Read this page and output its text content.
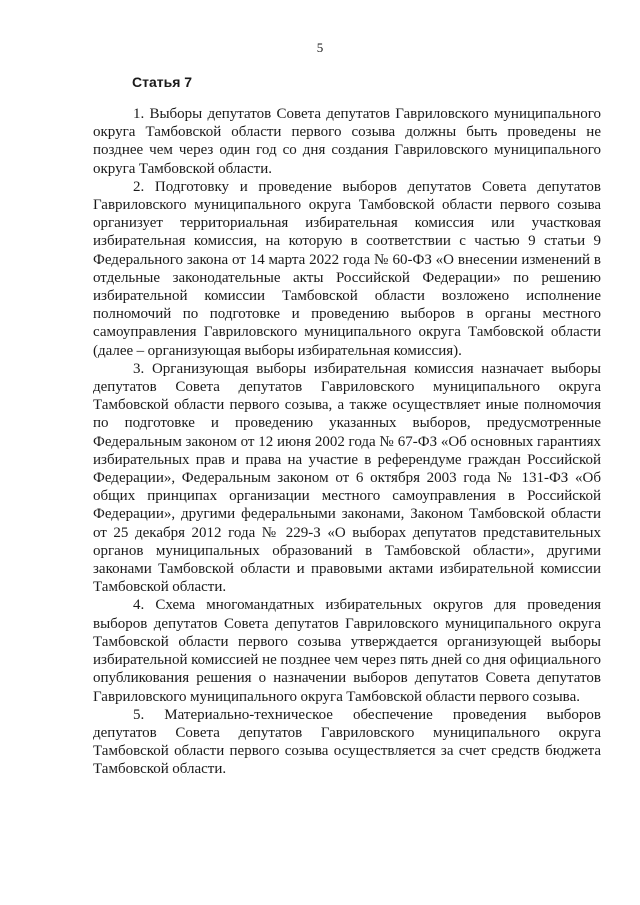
5
Статья 7

1. Выборы депутатов Совета депутатов Гавриловского муниципального округа Тамбовской области первого созыва должны быть проведены не позднее чем через один год со дня создания Гавриловского муниципального округа Тамбовской области.

2. Подготовку и проведение выборов депутатов Совета депутатов Гавриловского муниципального округа Тамбовской области первого созыва организует территориальная избирательная комиссия или участковая избирательная комиссия, на которую в соответствии с частью 9 статьи 9 Федерального закона от 14 марта 2022 года № 60-ФЗ «О внесении изменений в отдельные законодательные акты Российской Федерации» по решению избирательной комиссии Тамбовской области возложено исполнение полномочий по подготовке и проведению выборов в органы местного самоуправления Гавриловского муниципального округа Тамбовской области (далее – организующая выборы избирательная комиссия).

3. Организующая выборы избирательная комиссия назначает выборы депутатов Совета депутатов Гавриловского муниципального округа Тамбовской области первого созыва, а также осуществляет иные полномочия по подготовке и проведению указанных выборов, предусмотренные Федеральным законом от 12 июня 2002 года № 67-ФЗ «Об основных гарантиях избирательных прав и права на участие в референдуме граждан Российской Федерации», Федеральным законом от 6 октября 2003 года № 131-ФЗ «Об общих принципах организации местного самоуправления в Российской Федерации», другими федеральными законами, Законом Тамбовской области от 25 декабря 2012 года № 229-З «О выборах депутатов представительных органов муниципальных образований в Тамбовской области», другими законами Тамбовской области и правовыми актами избирательной комиссии Тамбовской области.

4. Схема многомандатных избирательных округов для проведения выборов депутатов Совета депутатов Гавриловского муниципального округа Тамбовской области первого созыва утверждается организующей выборы избирательной комиссией не позднее чем через пять дней со дня официального опубликования решения о назначении выборов депутатов Совета депутатов Гавриловского муниципального округа Тамбовской области первого созыва.

5. Материально-техническое обеспечение проведения выборов депутатов Совета депутатов Гавриловского муниципального округа Тамбовской области первого созыва осуществляется за счет средств бюджета Тамбовской области.
